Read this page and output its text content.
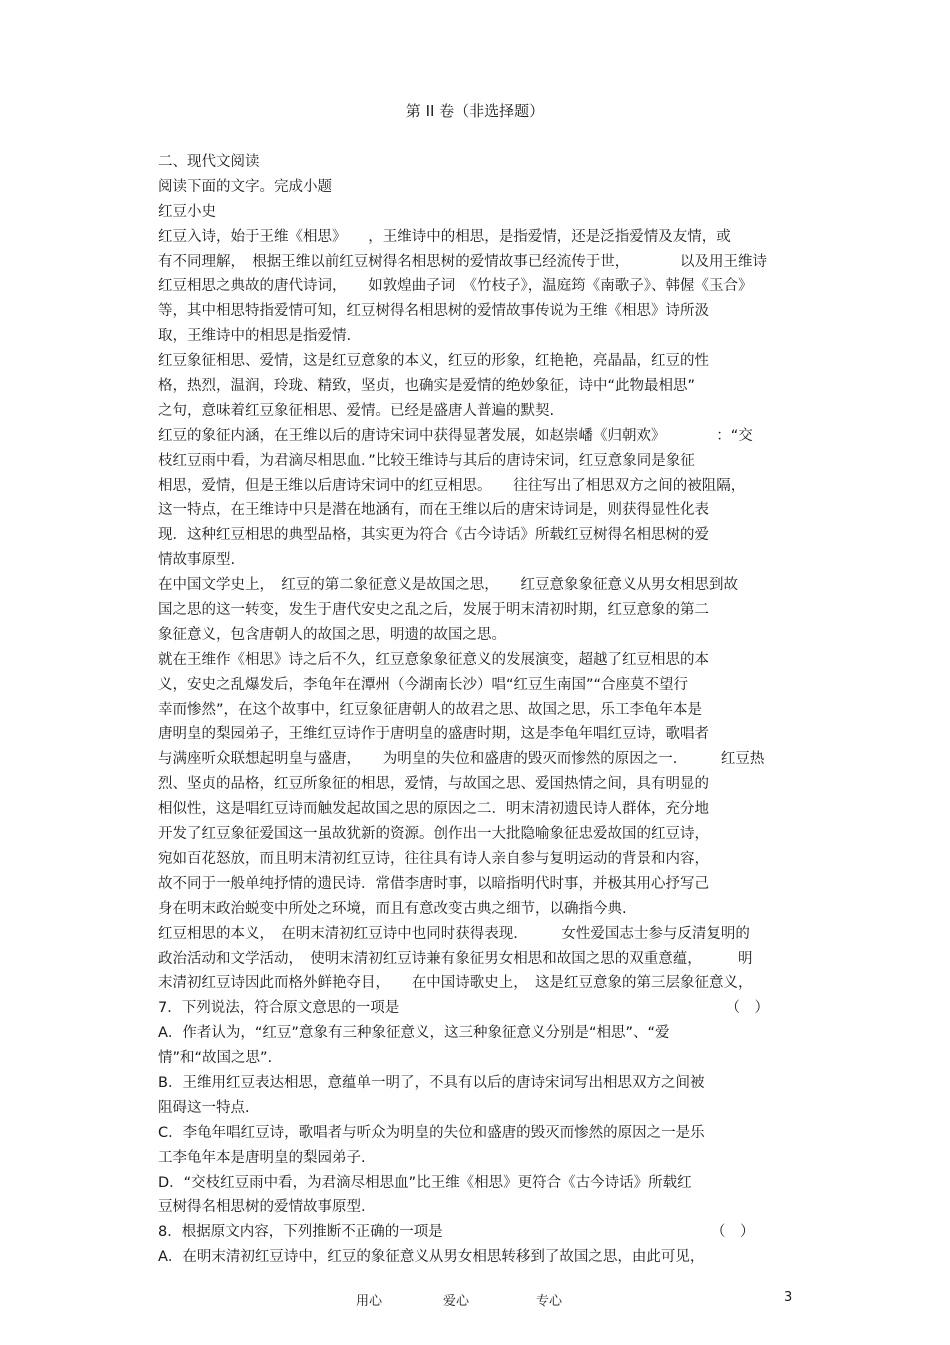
第 II 卷（非选择题）
二、现代文阅读
阅读下面的文字。完成小题
红豆小史
红豆入诗，始于王维《相思》　　，王维诗中的相思，是指爱情，还是泛指爱情及友情，或
有不同理解，　根据王维以前红豆树得名相思树的爱情故事已经流传于世，　　　　以及用王维诗
红豆相思之典故的唐代诗词，　　如敦煌曲子词　《竹枝子》，温庭筠《南歌子》、韩偓《玉合》
等，其中相思特指爱情可知，红豆树得名相思树的爱情故事传说为王维《相思》诗所汲
取，王维诗中的相思是指爱情.
红豆象征相思、爱情，这是红豆意象的本义，红豆的形象，红艳艳，亮晶晶，红豆的性
格，热烈，温润，玲珑、精致，坚贞，也确实是爱情的绝妙象征，诗中“此物最相思”
之句，意味着红豆象征相思、爱情。已经是盛唐人普遍的默契.
红豆的象征内涵，在王维以后的唐诗宋词中获得显著发展，如赵崇嶓《归朝欢》　　　　：“交
枝红豆雨中看，为君滴尽相思血．”比较王维诗与其后的唐诗宋词，红豆意象同是象征
相思，爱情，但是王维以后唐诗宋词中的红豆相思。　　往往写出了相思双方之间的被阻隔，
这一特点，在王维诗中只是潜在地涵有，而在王维以后的唐宋诗词是，则获得显性化表
现．这种红豆相思的典型品格，其实更为符合《古今诗话》所载红豆树得名相思树的爱
情故事原型.
在中国文学史上，　红豆的第二象征意义是故国之思，　　红豆意象象征意义从男女相思到故
国之思的这一转变，发生于唐代安史之乱之后，发展于明末清初时期，红豆意象的第二
象征意义，包含唐朝人的故国之思，明遗的故国之思。
就在王维作《相思》诗之后不久，红豆意象象征意义的发展演变，超越了红豆相思的本
义，安史之乱爆发后，李龟年在潭州（今湖南长沙）唱“红豆生南国”“合座莫不望行
幸而惨然”，在这个故事中，红豆象征唐朝人的故君之思、故国之思，乐工李龟年本是
唐明皇的梨园弟子，王维红豆诗作于唐明皇的盛唐时期，这是李龟年唱红豆诗，歌唱者
与满座听众联想起明皇与盛唐，　　为明皇的失位和盛唐的毁灭而惨然的原因之一.　　　红豆热
烈、坚贞的品格，红豆所象征的相思，爱情，与故国之思、爱国热情之间，具有明显的
相似性，这是唱红豆诗而触发起故国之思的原因之二．明末清初遗民诗人群体，充分地
开发了红豆象征爱国这一虽故犹新的资源。创作出一大批隐喻象征忠爱故国的红豆诗，
宛如百花怒放，而且明末清初红豆诗，往往具有诗人亲自参与复明运动的背景和内容，
故不同于一般单纯抒情的遗民诗．常借李唐时事，以暗指明代时事，并极其用心抒写己
身在明末政治蜕变中所处之环境，而且有意改变古典之细节，以确指今典.
红豆相思的本义，　在明末清初红豆诗中也同时获得表现.　　　女性爱国志士参与反清复明的
政治活动和文学活动，　使明末清初红豆诗兼有象征男女相思和故国之思的双重意蕴，　　　明
末清初红豆诗因此而格外鲜艳夺目，　　在中国诗歌史上，　这是红豆意象的第三层象征意义，
7．下列说法，符合原文意思的一项是　　　　　　　　　　　　　　　　　　　　　　　（　）
A．作者认为，“红豆”意象有三种象征意义，这三种象征意义分别是“相思”、“爱
情”和“故国之思”.
B．王维用红豆表达相思，意蕴单一明了，不具有以后的唐诗宋词写出相思双方之间被
阻碍这一特点.
C．李龟年唱红豆诗，歌唱者与听众为明皇的失位和盛唐的毁灭而惨然的原因之一是乐
工李龟年本是唐明皇的梨园弟子.
D．“交枝红豆雨中看，为君滴尽相思血”比王维《相思》更符合《古今诗话》所载红
豆树得名相思树的爱情故事原型.
8．根据原文内容，下列推断不正确的一项是　　　　　　　　　　　　　　　　　　　（　）
A．在明末清初红豆诗中，红豆的象征意义从男女相思转移到了故国之思，由此可见，
用心	爱心	专心	3
